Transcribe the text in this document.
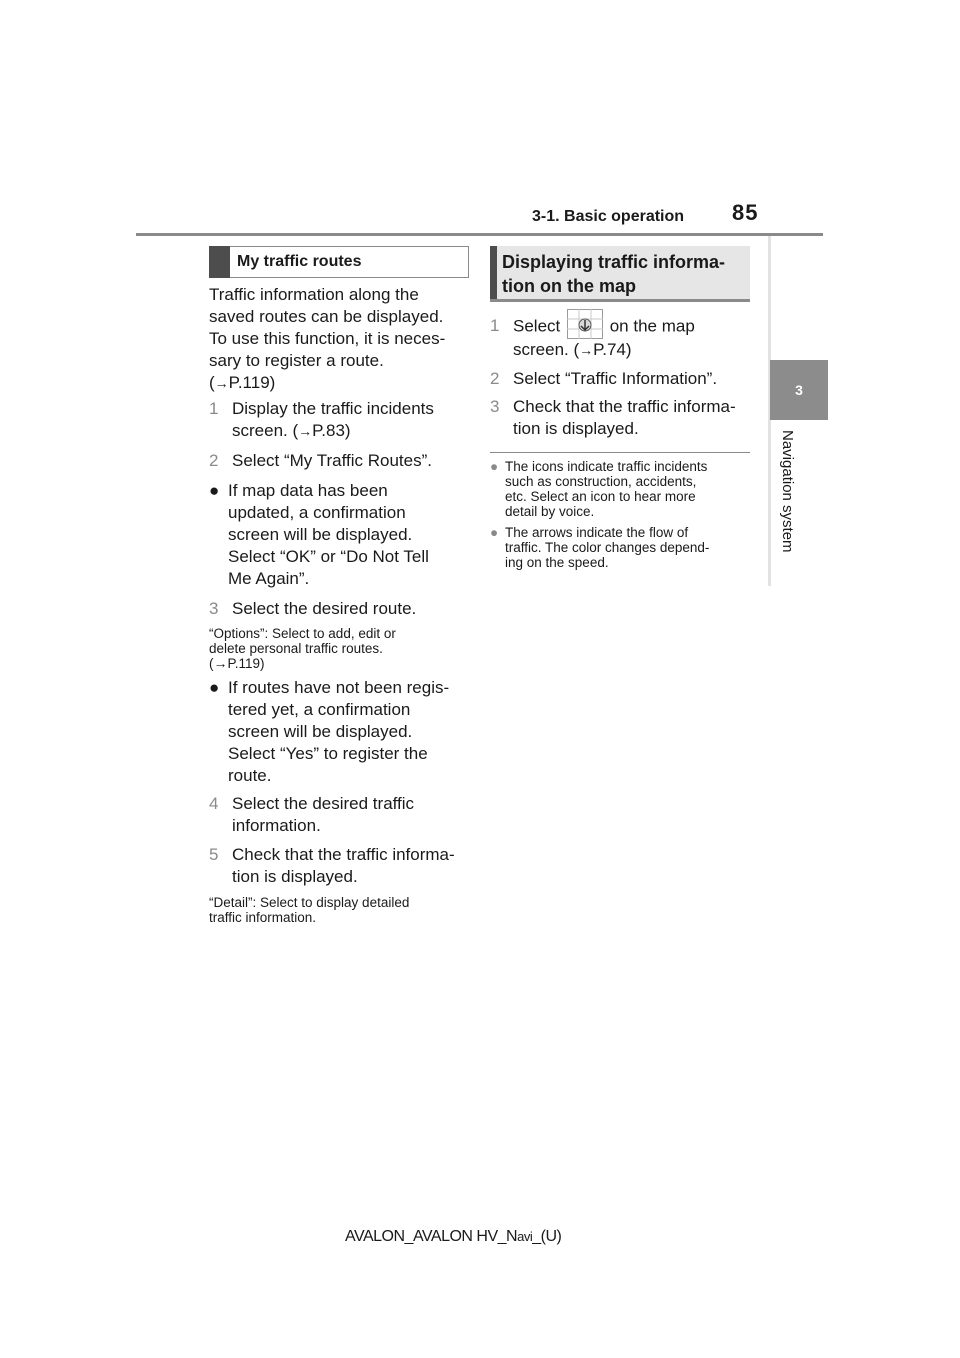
3-1. Basic operation 85
3
Navigation system
My traffic routes

Traffic information along the

saved routes can be displayed.

To use this function, it is neces-

sary to register a route.

(→P.119)

1 Display the traffic incidents
screen. (→P.83)
2 Select “My Traffic Routes”.
● If map data has been
updated, a confirmation
screen will be displayed.
Select “OK” or “Do Not Tell
Me Again”.
3 Select the desired route.
“Options”: Select to add, edit or
delete personal traffic routes.
(→P.119)
● If routes have not been regis-
tered yet, a confirmation
screen will be displayed.
Select “Yes” to register the
route.
4 Select the desired traffic
information.
5 Check that the traffic informa-
tion is displayed.
“Detail”: Select to display detailed
traffic information.
Displaying traffic informa-
tion on the map
1 Select	on the map
screen. (→P.74)
2 Select “Traffic Information”.
3 Check that the traffic informa-
tion is displayed.
● The icons indicate traffic incidents
such as construction, accidents,
etc. Select an icon to hear more
detail by voice.
● The arrows indicate the flow of
traffic. The color changes depend-
ing on the speed.
AVALON_AVALON HV_Navi_(U)
